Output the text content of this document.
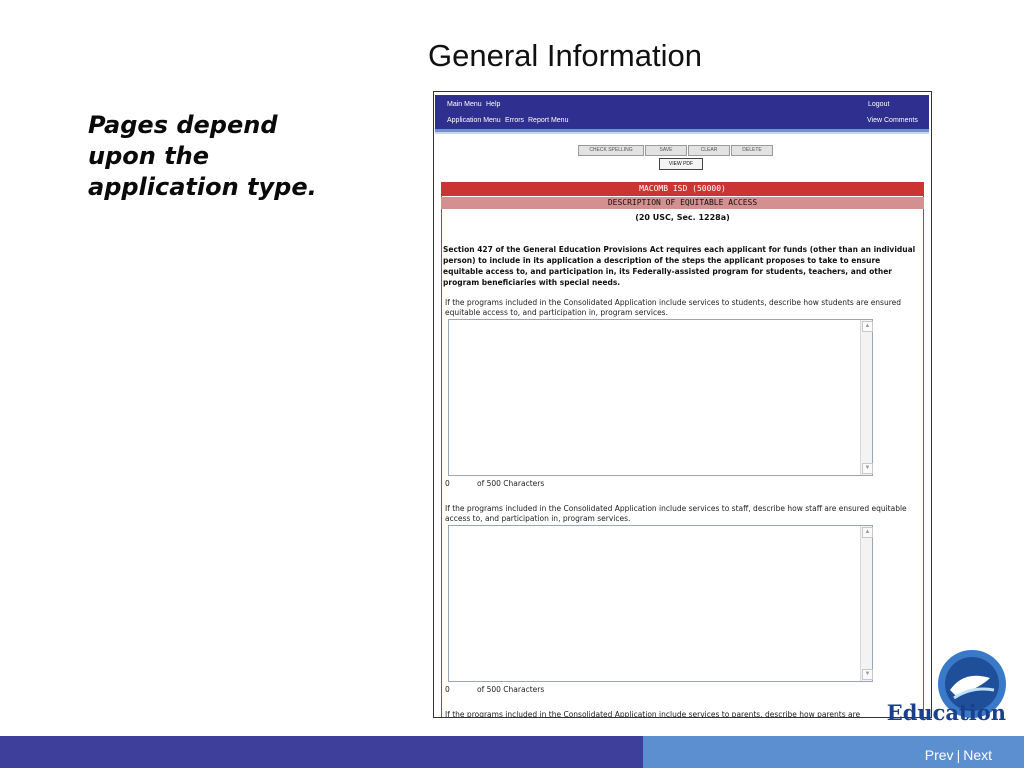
General Information
Pages depend upon the application type.
Main Menu Help	Logout
Application Menu Errors Report Menu	View Comments
CHECK SPELLING	SAVE	CLEAR	DELETE
VIEW PDF
MACOMB ISD (50000)
DESCRIPTION OF EQUITABLE ACCESS
(20 USC, Sec. 1228a)
Section 427 of the General Education Provisions Act requires each applicant for funds (other than an individual person) to include in its application a description of the steps the applicant proposes to take to ensure equitable access to, and participation in, its Federally-assisted program for students, teachers, and other program beneficiaries with special needs.
If the programs included in the Consolidated Application include services to students, describe how students are ensured equitable access to, and participation in, program services.
▲
▼
0	of 500 Characters
If the programs included in the Consolidated Application include services to staff, describe how staff are ensured equitable access to, and participation in, program services.
▲
▼
0	of 500 Characters
If the programs included in the Consolidated Application include services to parents, describe how parents are	Education
Prev | Next
